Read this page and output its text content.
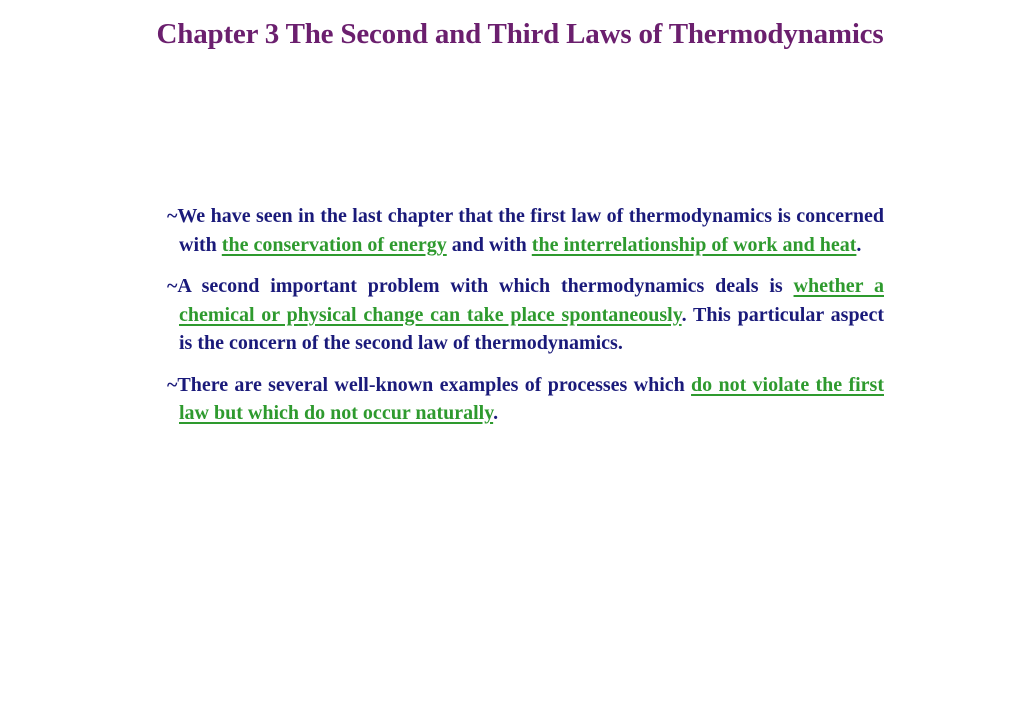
Chapter 3 The Second and Third Laws of Thermodynamics

~We have seen in the last chapter that the first law of thermodynamics is concerned with the conservation of energy and with the interrelationship of work and heat.

~A second important problem with which thermodynamics deals is whether a chemical or physical change can take place spontaneously. This particular aspect is the concern of the second law of thermodynamics.

~There are several well-known examples of processes which do not violate the first law but which do not occur naturally.
